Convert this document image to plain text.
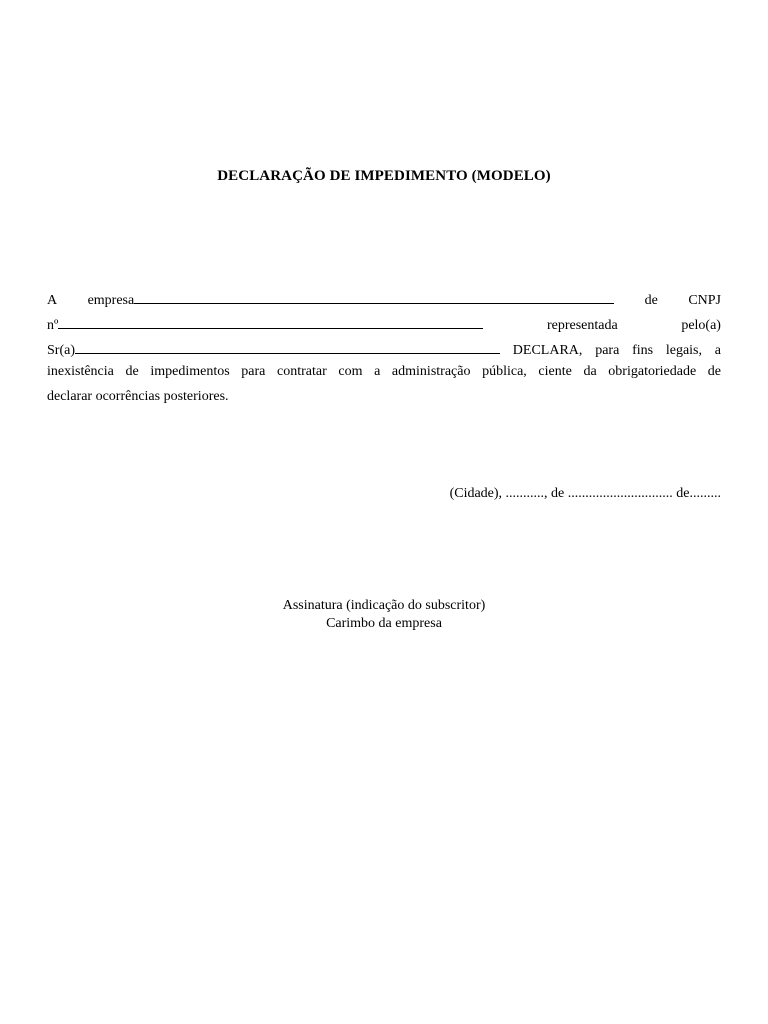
DECLARAÇÃO DE IMPEDIMENTO (MODELO)
A empresa	de CNPJ
nº	representada	pelo(a)
Sr(a)	DECLARA, para fins legais, a
inexistência de impedimentos para contratar com a administração pública, ciente da obrigatoriedade de
declarar ocorrências posteriores.
(Cidade), ..........., de .............................. de.........
Assinatura (indicação do subscritor)
Carimbo da empresa
